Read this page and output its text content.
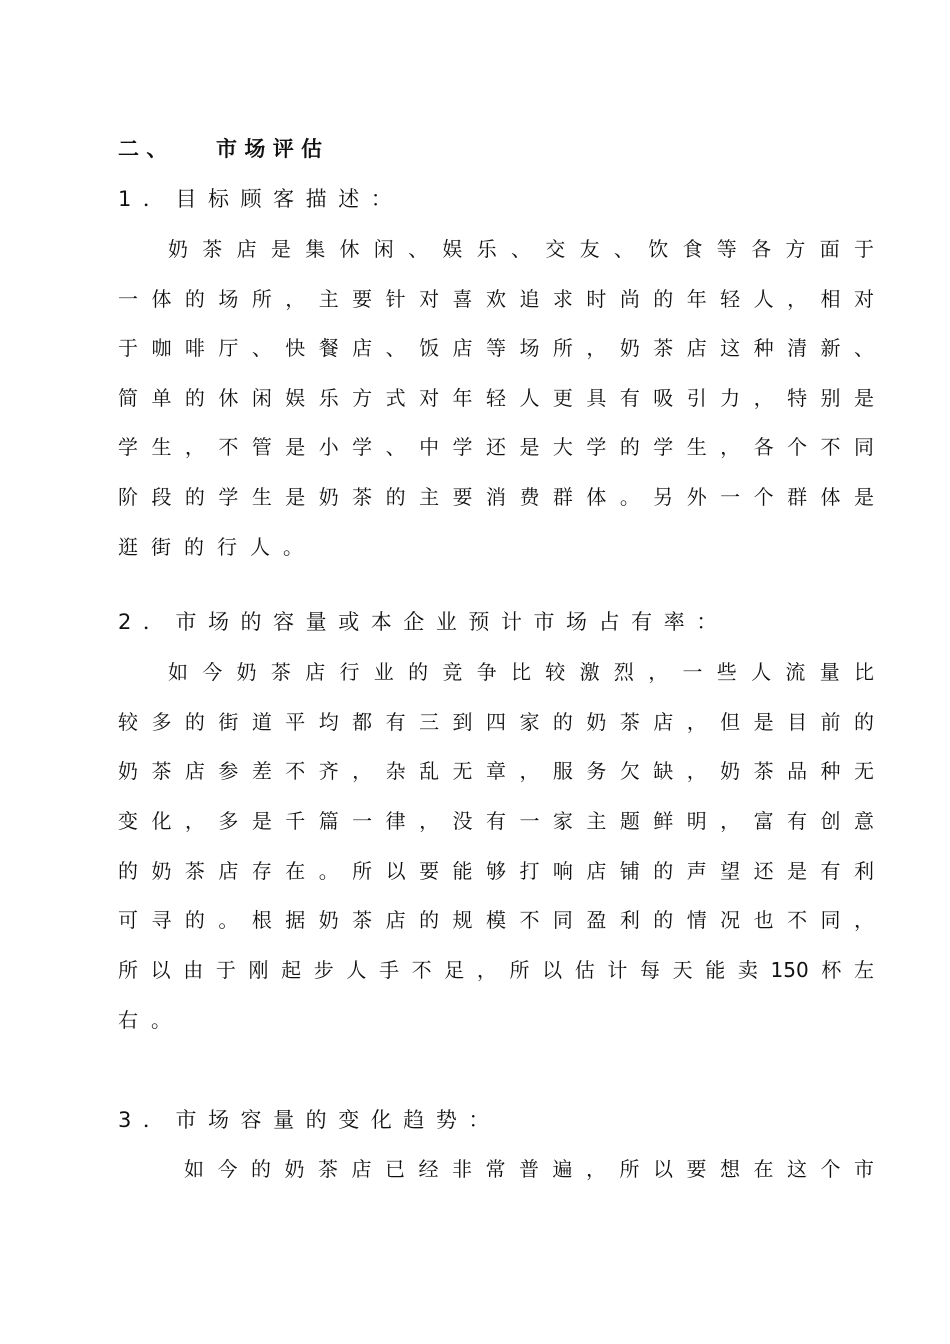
二、 市场评估
1．目标顾客描述：
奶茶店是集休闲、娱乐、交友、饮食等各方面于
一体的场所，主要针对喜欢追求时尚的年轻人，相对
于咖啡厅、快餐店、饭店等场所，奶茶店这种清新、
简单的休闲娱乐方式对年轻人更具有吸引力，特别是
学生，不管是小学、中学还是大学的学生，各个不同
阶段的学生是奶茶的主要消费群体。另外一个群体是
逛街的行人。
2．市场的容量或本企业预计市场占有率：
如今奶茶店行业的竞争比较激烈，一些人流量比
较多的街道平均都有三到四家的奶茶店，但是目前的
奶茶店参差不齐，杂乱无章，服务欠缺，奶茶品种无
变化，多是千篇一律，没有一家主题鲜明，富有创意
的奶茶店存在。所以要能够打响店铺的声望还是有利
可寻的。根据奶茶店的规模不同盈利的情况也不同，
所以由于刚起步人手不足，所以估计每天能卖150杯左
右。
3．市场容量的变化趋势：
如今的奶茶店已经非常普遍，所以要想在这个市
